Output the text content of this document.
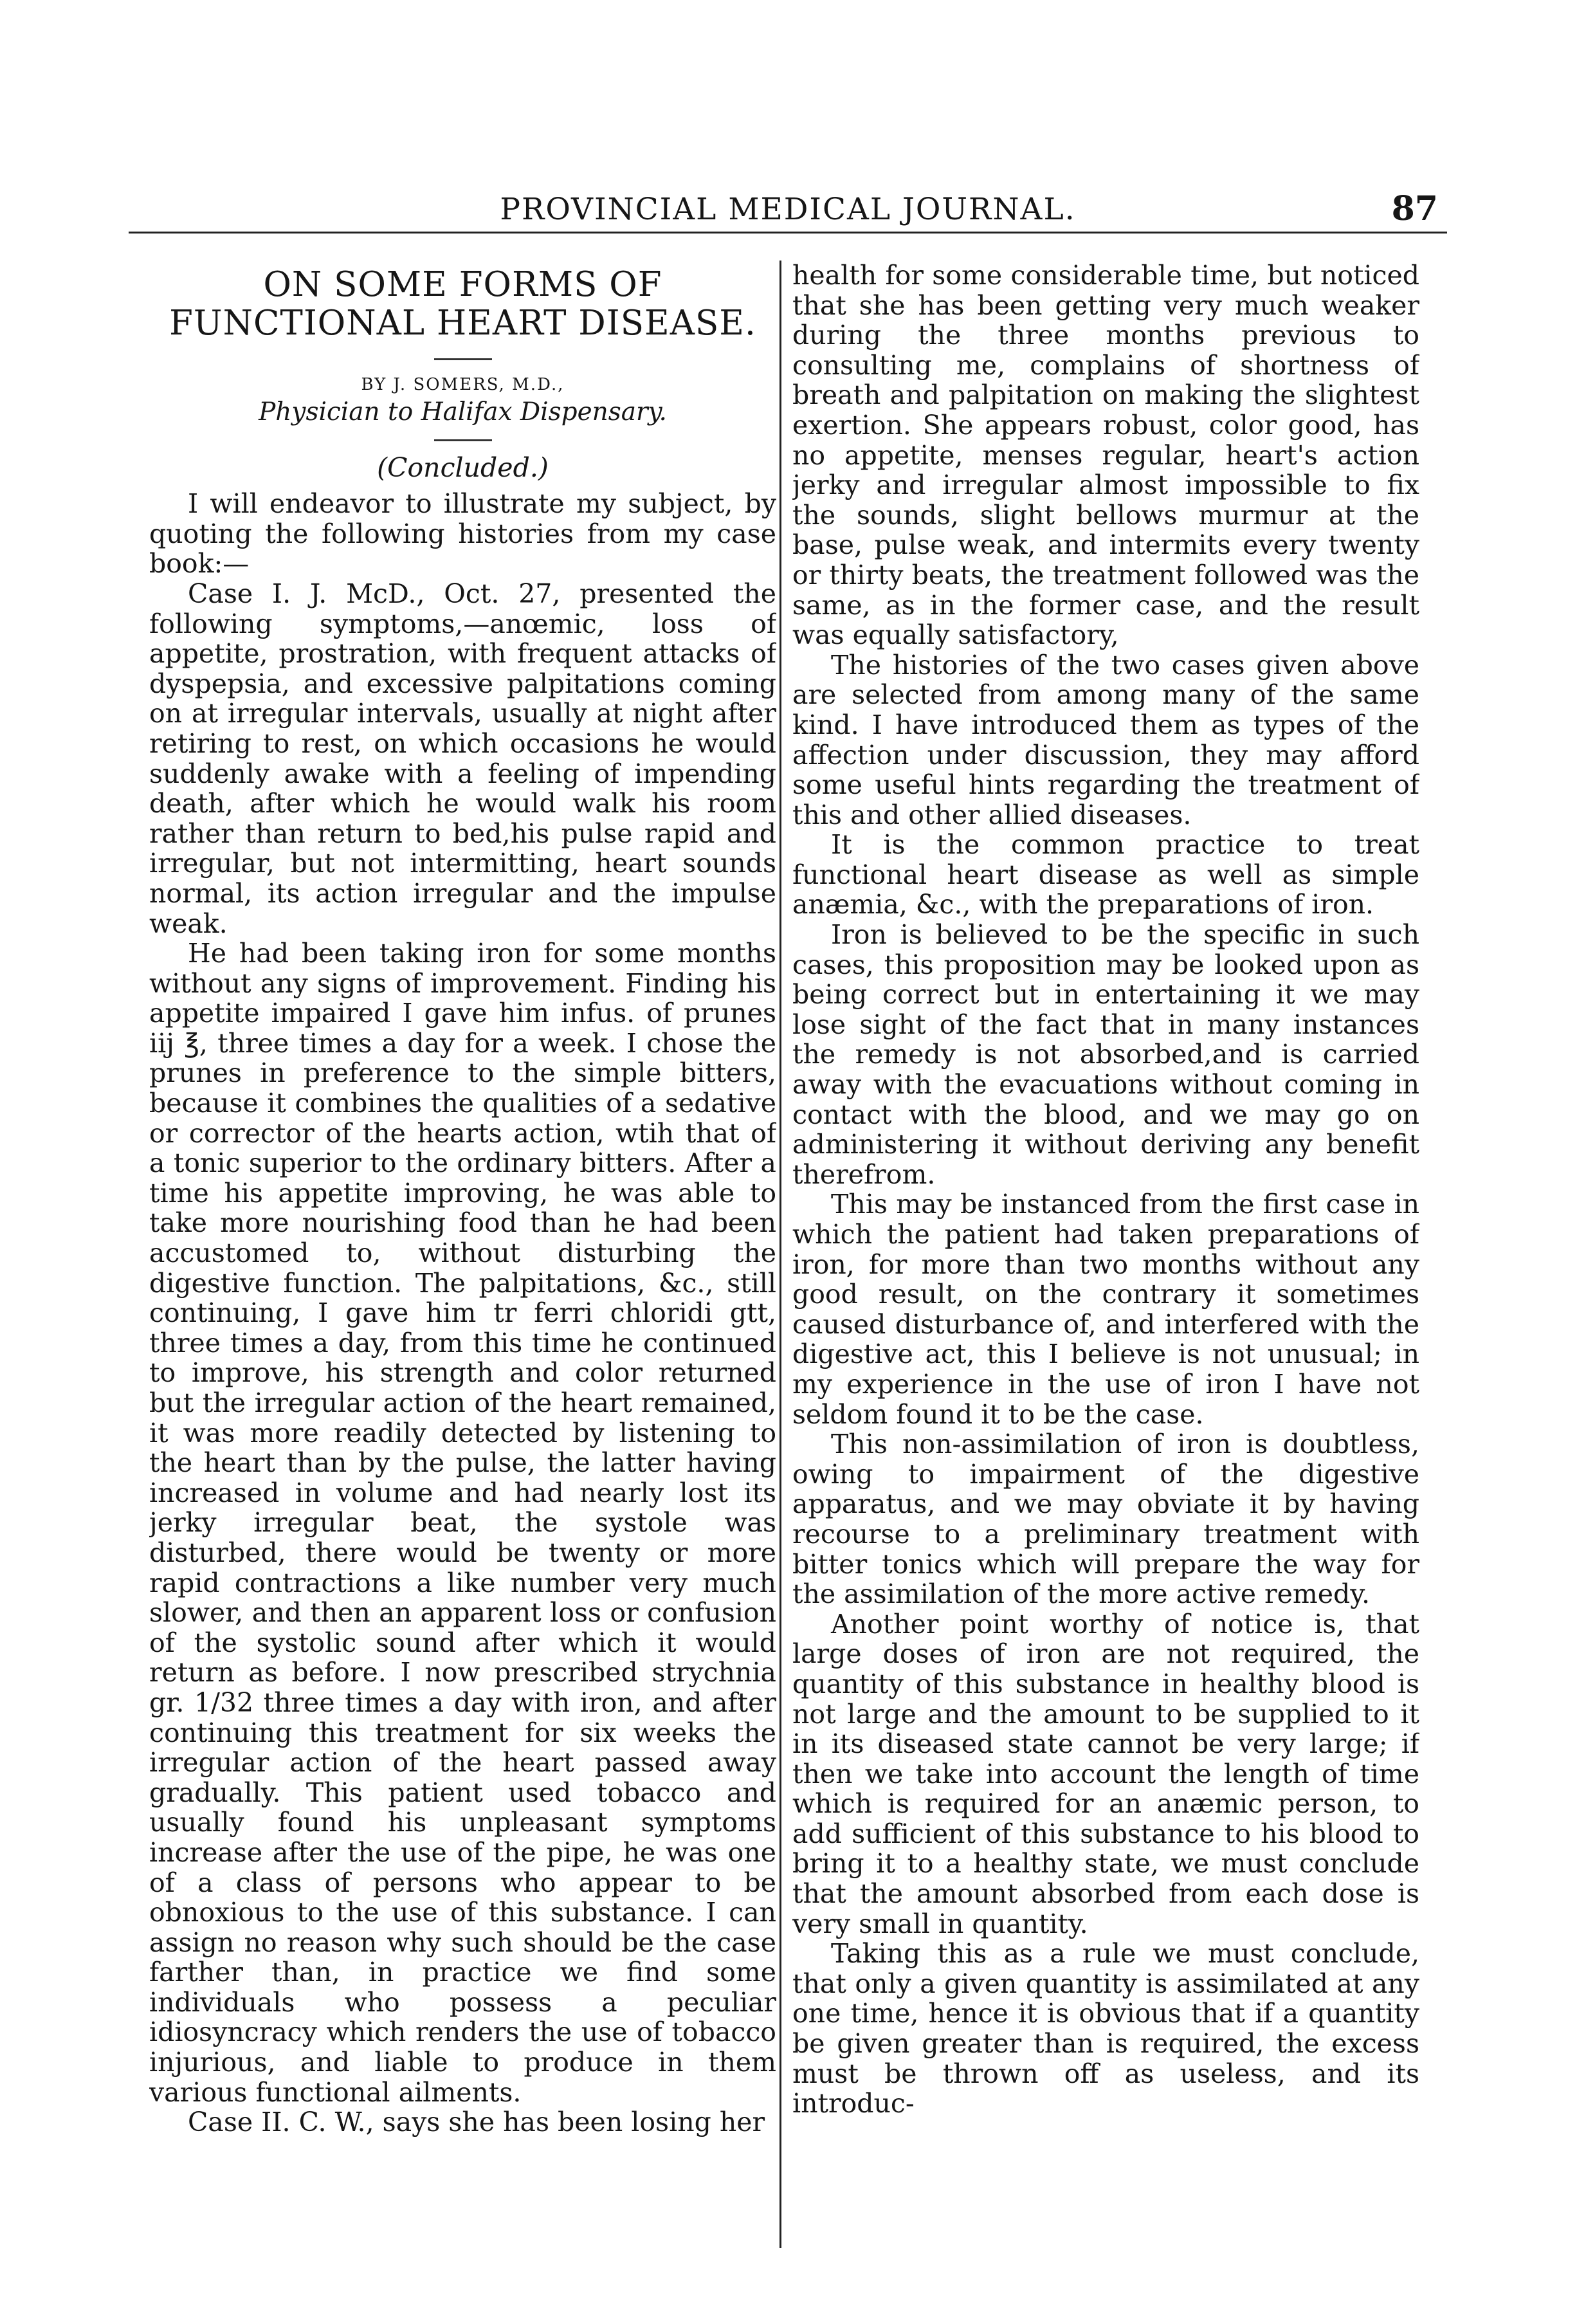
PROVINCIAL MEDICAL JOURNAL.	87
ON SOME FORMS OF FUNCTIONAL HEART DISEASE.
BY J. SOMERS, M.D.,
Physician to Halifax Dispensary.
(Concluded.)

I will endeavor to illustrate my subject, by quoting the following histories from my case book:—

Case I. J. McD., Oct. 27, presented the following symptoms,—anœmic, loss of appetite, prostration, with frequent attacks of dyspepsia, and excessive palpitations coming on at irregular intervals, usually at night after retiring to rest, on which occasions he would suddenly awake with a feeling of impending death, after which he would walk his room rather than return to bed,his pulse rapid and irregular, but not intermitting, heart sounds normal, its action irregular and the impulse weak.

He had been taking iron for some months without any signs of improvement. Finding his appetite impaired I gave him infus. of prunes iij ℥, three times a day for a week. I chose the prunes in preference to the simple bitters, because it combines the qualities of a sedative or corrector of the hearts action, wtih that of a tonic superior to the ordinary bitters. After a time his appetite improving, he was able to take more nourishing food than he had been accustomed to, without disturbing the digestive function. The palpitations, &c., still continuing, I gave him tr ferri chloridi gtt, three times a day, from this time he continued to improve, his strength and color returned but the irregular action of the heart remained, it was more readily detected by listening to the heart than by the pulse, the latter having increased in volume and had nearly lost its jerky irregular beat, the systole was disturbed, there would be twenty or more rapid contractions a like number very much slower, and then an apparent loss or confusion of the systolic sound after which it would return as before. I now prescribed strychnia gr. 1/32 three times a day with iron, and after continuing this treatment for six weeks the irregular action of the heart passed away gradually. This patient used tobacco and usually found his unpleasant symptoms increase after the use of the pipe, he was one of a class of persons who appear to be obnoxious to the use of this substance. I can assign no reason why such should be the case farther than, in practice we find some individuals who possess a peculiar idiosyncracy which renders the use of tobacco injurious, and liable to produce in them various functional ailments.

Case II. C. W., says she has been losing her

health for some considerable time, but noticed that she has been getting very much weaker during the three months previous to consulting me, complains of shortness of breath and palpitation on making the slightest exertion. She appears robust, color good, has no appetite, menses regular, heart's action jerky and irregular almost impossible to fix the sounds, slight bellows murmur at the base, pulse weak, and intermits every twenty or thirty beats, the treatment followed was the same, as in the former case, and the result was equally satisfactory,

The histories of the two cases given above are selected from among many of the same kind. I have introduced them as types of the affection under discussion, they may afford some useful hints regarding the treatment of this and other allied diseases.

It is the common practice to treat functional heart disease as well as simple anæmia, &c., with the preparations of iron.

Iron is believed to be the specific in such cases, this proposition may be looked upon as being correct but in entertaining it we may lose sight of the fact that in many instances the remedy is not absorbed,and is carried away with the evacuations without coming in contact with the blood, and we may go on administering it without deriving any benefit therefrom.

This may be instanced from the first case in which the patient had taken preparations of iron, for more than two months without any good result, on the contrary it sometimes caused disturbance of, and interfered with the digestive act, this I believe is not unusual; in my experience in the use of iron I have not seldom found it to be the case.

This non-assimilation of iron is doubtless, owing to impairment of the digestive apparatus, and we may obviate it by having recourse to a preliminary treatment with bitter tonics which will prepare the way for the assimilation of the more active remedy.

Another point worthy of notice is, that large doses of iron are not required, the quantity of this substance in healthy blood is not large and the amount to be supplied to it in its diseased state cannot be very large; if then we take into account the length of time which is required for an anæmic person, to add sufficient of this substance to his blood to bring it to a healthy state, we must conclude that the amount absorbed from each dose is very small in quantity.

Taking this as a rule we must conclude, that only a given quantity is assimilated at any one time, hence it is obvious that if a quantity be given greater than is required, the excess must be thrown off as useless, and its introduc-
